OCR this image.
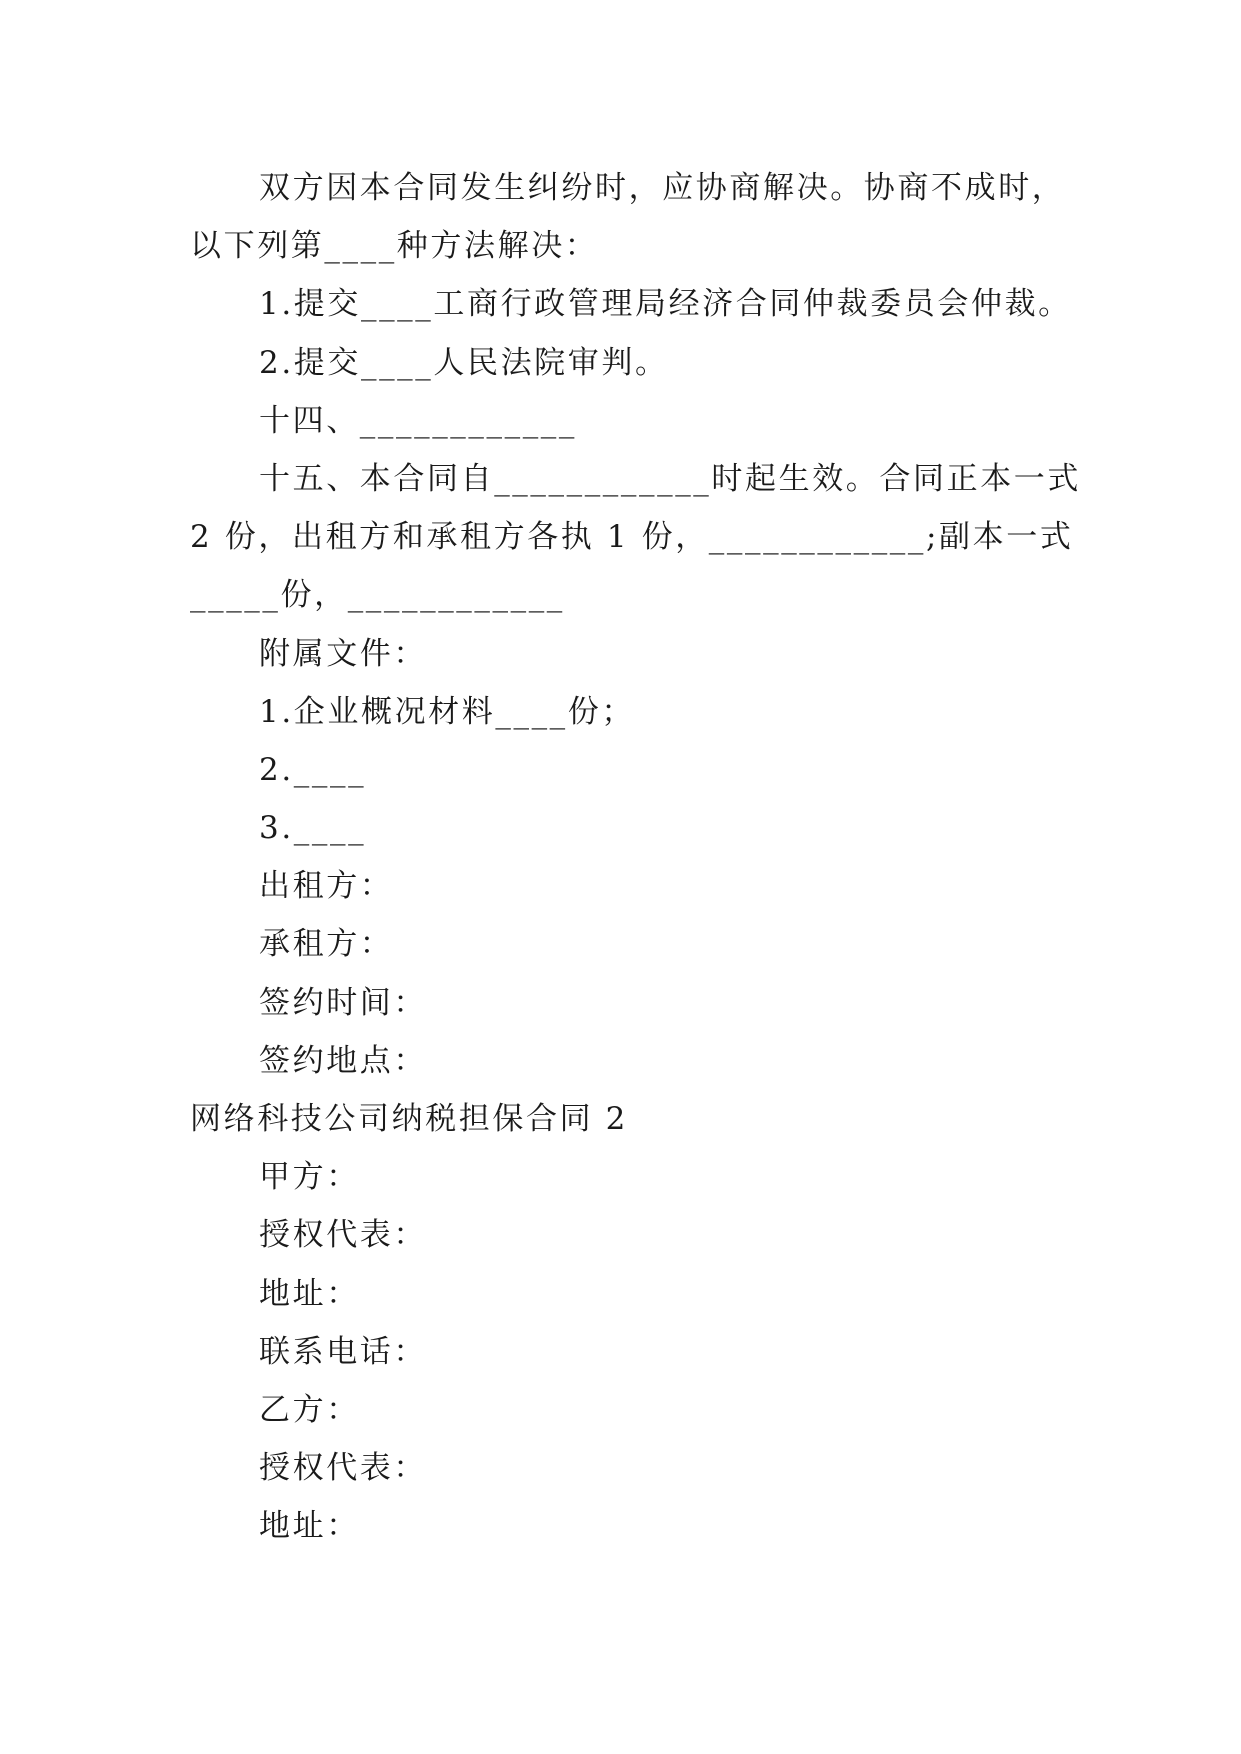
双方因本合同发生纠纷时，应协商解决。协商不成时，
以下列第____种方法解决：
1.提交____工商行政管理局经济合同仲裁委员会仲裁。
2.提交____人民法院审判。
十四、____________
十五、本合同自____________时起生效。合同正本一式
2 份，出租方和承租方各执 1 份，____________;副本一式
_____份，____________
附属文件：
1.企业概况材料____份；
2.____
3.____
出租方：
承租方：
签约时间：
签约地点：
网络科技公司纳税担保合同 2
甲方：
授权代表：
地址：
联系电话：
乙方：
授权代表：
地址：
